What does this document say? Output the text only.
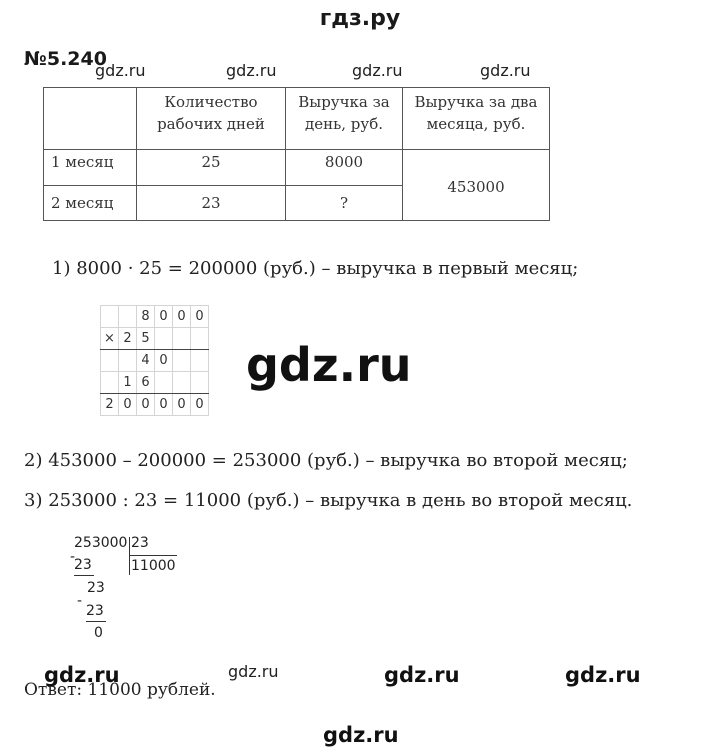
гдз.ру
№5.240
gdz.ru	gdz.ru	gdz.ru	gdz.ru
	Количество рабочих дней	Выручка за день, руб.	Выручка за два месяца, руб.
1 месяц	25	8000	453000
2 месяц	23	?	
1) 8000 · 25 = 200000 (руб.) – выручка в первый месяц;
		8	0	0	0
×	2	5			
		4	0		
	1	6			
2	0	0	0	0	0
gdz.ru
2) 453000 – 200000 = 253000 (руб.) – выручка во второй месяц;
3) 253000 : 23 = 11000 (руб.) – выручка в день во второй месяц.
253000 23
11000
-
23
23
-
23
0
gdz.ru	gdz.ru	gdz.ru	gdz.ru
Ответ: 11000 рублей.
gdz.ru
